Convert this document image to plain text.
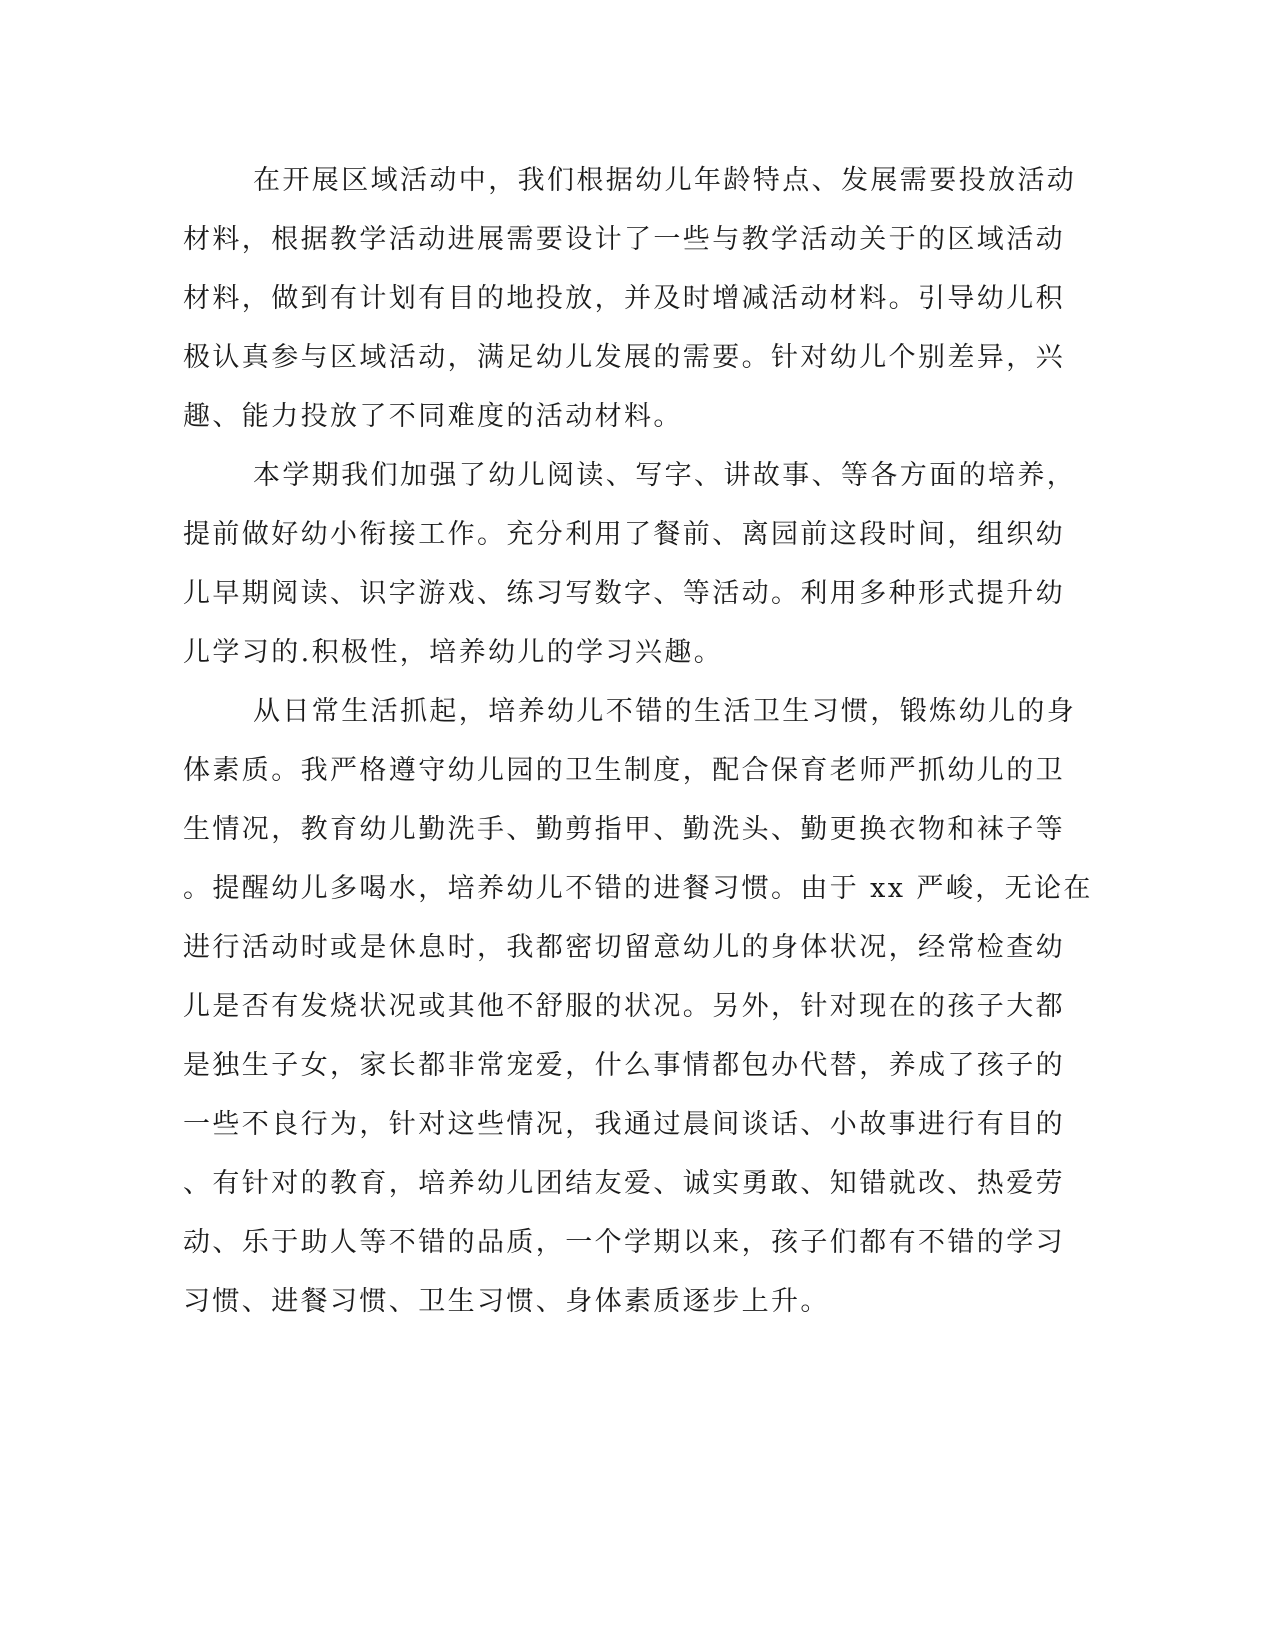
在开展区域活动中，我们根据幼儿年龄特点、发展需要投放活动
材料，根据教学活动进展需要设计了一些与教学活动关于的区域活动
材料，做到有计划有目的地投放，并及时增减活动材料。引导幼儿积
极认真参与区域活动，满足幼儿发展的需要。针对幼儿个别差异，兴
趣、能力投放了不同难度的活动材料。
本学期我们加强了幼儿阅读、写字、讲故事、等各方面的培养，
提前做好幼小衔接工作。充分利用了餐前、离园前这段时间，组织幼
儿早期阅读、识字游戏、练习写数字、等活动。利用多种形式提升幼
儿学习的.积极性，培养幼儿的学习兴趣。
从日常生活抓起，培养幼儿不错的生活卫生习惯，锻炼幼儿的身
体素质。我严格遵守幼儿园的卫生制度，配合保育老师严抓幼儿的卫
生情况，教育幼儿勤洗手、勤剪指甲、勤洗头、勤更换衣物和袜子等
。提醒幼儿多喝水，培养幼儿不错的进餐习惯。由于 xx 严峻，无论在
进行活动时或是休息时，我都密切留意幼儿的身体状况，经常检查幼
儿是否有发烧状况或其他不舒服的状况。另外，针对现在的孩子大都
是独生子女，家长都非常宠爱，什么事情都包办代替，养成了孩子的
一些不良行为，针对这些情况，我通过晨间谈话、小故事进行有目的
、有针对的教育，培养幼儿团结友爱、诚实勇敢、知错就改、热爱劳
动、乐于助人等不错的品质，一个学期以来，孩子们都有不错的学习
习惯、进餐习惯、卫生习惯、身体素质逐步上升。
